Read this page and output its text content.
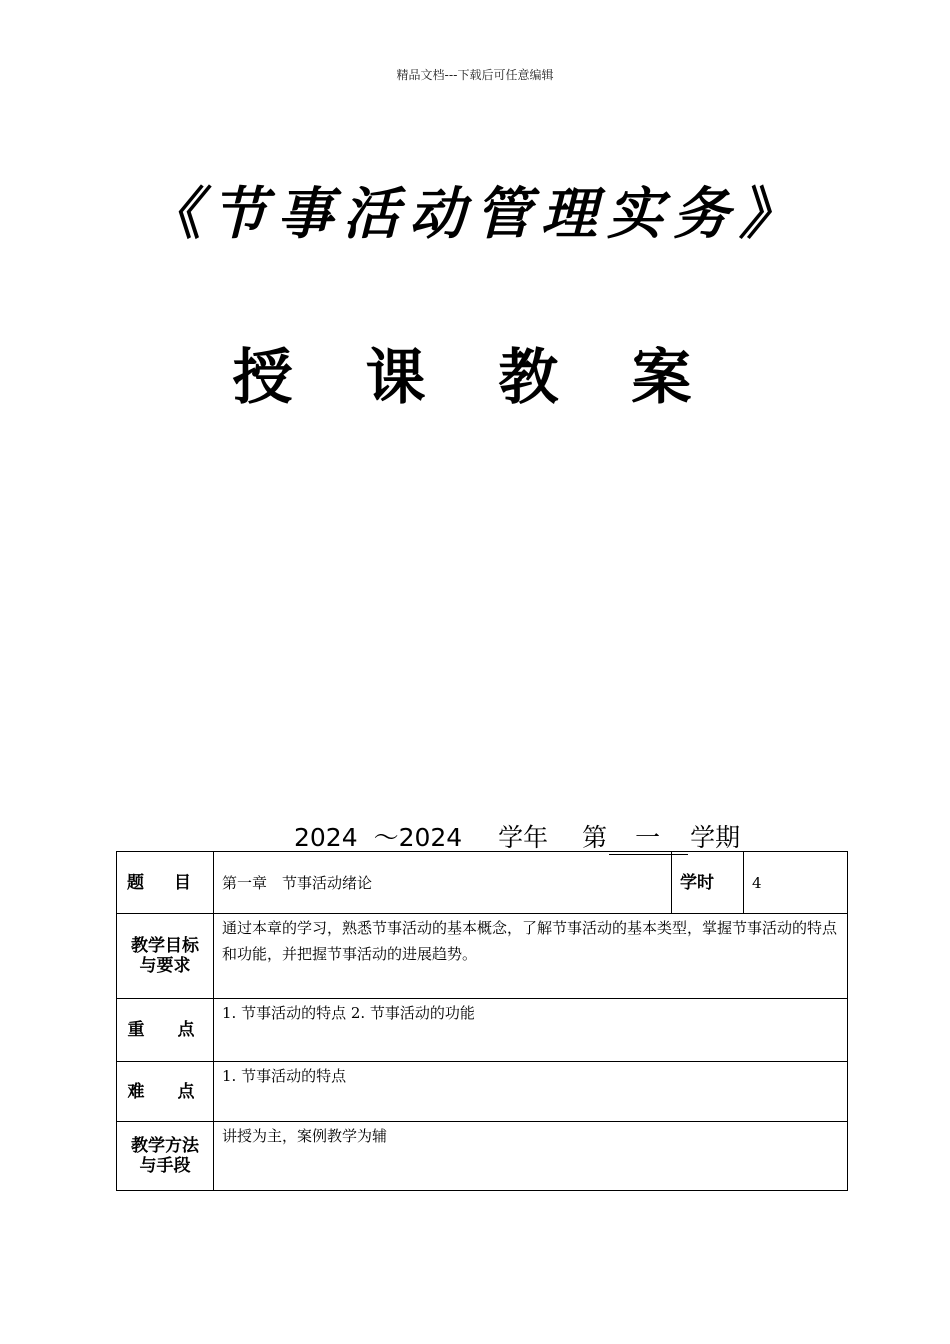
精品文档---下载后可任意编辑
《节事活动管理实务》
授 课 教 案
2024 ～2024 学年 第 一 学期
题 目	第一章　节事活动绪论	学时	4

教学目标
与要求	通过本章的学习，熟悉节事活动的基本概念，了解节事活动的基本类型，掌握节事活动的特点和功能，并把握节事活动的进展趋势。		
重　点	1. 节事活动的特点 2. 节事活动的功能		
难　点	1. 节事活动的特点		

教学方法
与手段	讲授为主，案例教学为辅		
